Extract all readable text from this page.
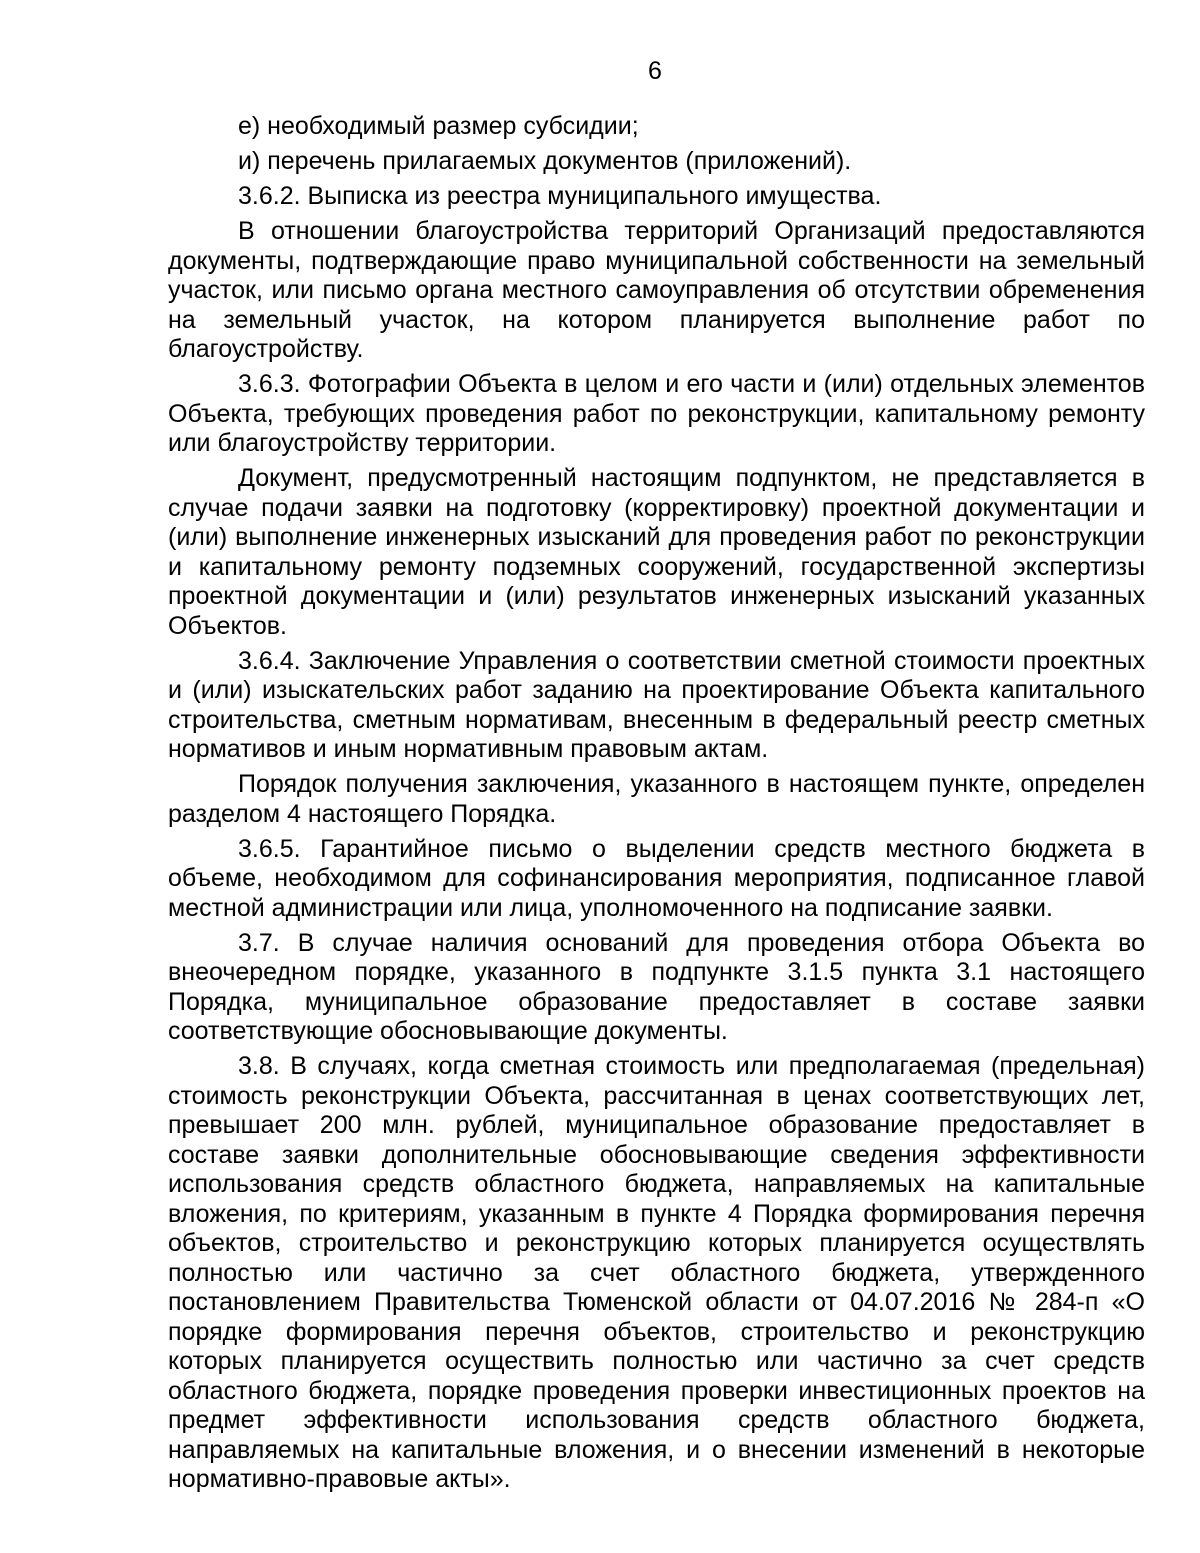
6

е) необходимый размер субсидии;

и) перечень прилагаемых документов (приложений).

3.6.2. Выписка из реестра муниципального имущества.

В отношении благоустройства территорий Организаций предоставляются документы, подтверждающие право муниципальной собственности на земельный участок, или письмо органа местного самоуправления об отсутствии обременения на земельный участок, на котором планируется выполнение работ по благоустройству.

3.6.3. Фотографии Объекта в целом и его части и (или) отдельных элементов Объекта, требующих проведения работ по реконструкции, капитальному ремонту или благоустройству территории.

Документ, предусмотренный настоящим подпунктом, не представляется в случае подачи заявки на подготовку (корректировку) проектной документации и (или) выполнение инженерных изысканий для проведения работ по реконструкции и капитальному ремонту подземных сооружений, государственной экспертизы проектной документации и (или) результатов инженерных изысканий указанных Объектов.

3.6.4. Заключение Управления о соответствии сметной стоимости проектных и (или) изыскательских работ заданию на проектирование Объекта капитального строительства, сметным нормативам, внесенным в федеральный реестр сметных нормативов и иным нормативным правовым актам.

Порядок получения заключения, указанного в настоящем пункте, определен разделом 4 настоящего Порядка.

3.6.5. Гарантийное письмо о выделении средств местного бюджета в объеме, необходимом для софинансирования мероприятия, подписанное главой местной администрации или лица, уполномоченного на подписание заявки.

3.7. В случае наличия оснований для проведения отбора Объекта во внеочередном порядке, указанного в подпункте 3.1.5 пункта 3.1 настоящего Порядка, муниципальное образование предоставляет в составе заявки соответствующие обосновывающие документы.

3.8. В случаях, когда сметная стоимость или предполагаемая (предельная) стоимость реконструкции Объекта, рассчитанная в ценах соответствующих лет, превышает 200 млн. рублей, муниципальное образование предоставляет в составе заявки дополнительные обосновывающие сведения эффективности использования средств областного бюджета, направляемых на капитальные вложения, по критериям, указанным в пункте 4 Порядка формирования перечня объектов, строительство и реконструкцию которых планируется осуществлять полностью или частично за счет областного бюджета, утвержденного постановлением Правительства Тюменской области от 04.07.2016 № 284-п «О порядке формирования перечня объектов, строительство и реконструкцию которых планируется осуществить полностью или частично за счет средств областного бюджета, порядке проведения проверки инвестиционных проектов на предмет эффективности использования средств областного бюджета, направляемых на капитальные вложения, и о внесении изменений в некоторые нормативно-правовые акты».
